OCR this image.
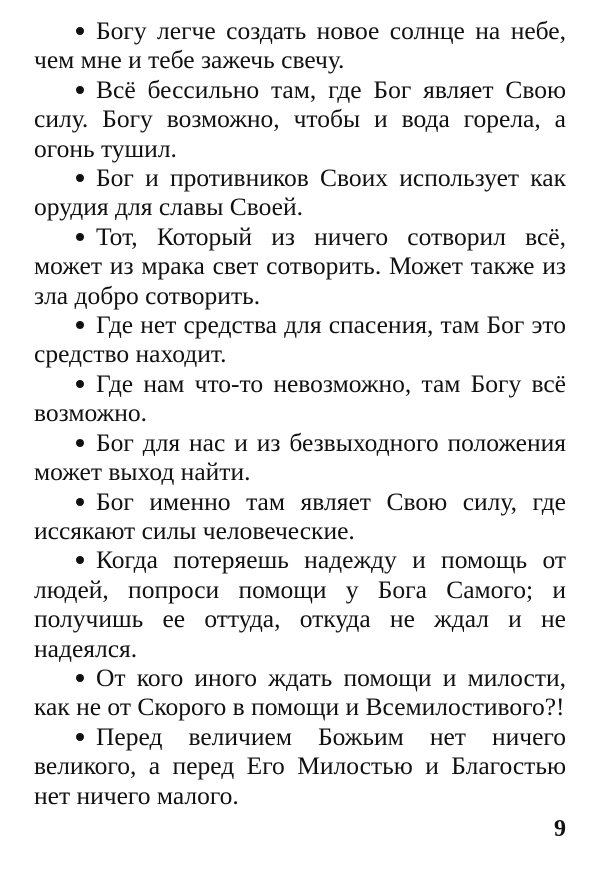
Богу легче создать новое солнце на небе, чем мне и тебе зажечь свечу.

Всё бессильно там, где Бог являет Свою силу. Богу возможно, чтобы и вода горела, а огонь тушил.

Бог и противников Своих использует как орудия для славы Своей.

Тот, Который из ничего сотворил всё, может из мрака свет сотворить. Может также из зла добро сотворить.

Где нет средства для спасения, там Бог это средство находит.

Где нам что-то невозможно, там Богу всё возможно.

Бог для нас и из безвыходного положения может выход найти.

Бог именно там являет Свою силу, где иссякают силы человеческие.

Когда потеряешь надежду и помощь от людей, попроси помощи у Бога Самого; и получишь ее оттуда, откуда не ждал и не надеялся.

От кого иного ждать помощи и милости, как не от Скорого в помощи и Всемилостивого?!

Перед величием Божьим нет ничего великого, а перед Его Милостью и Благостью нет ничего малого.

9
